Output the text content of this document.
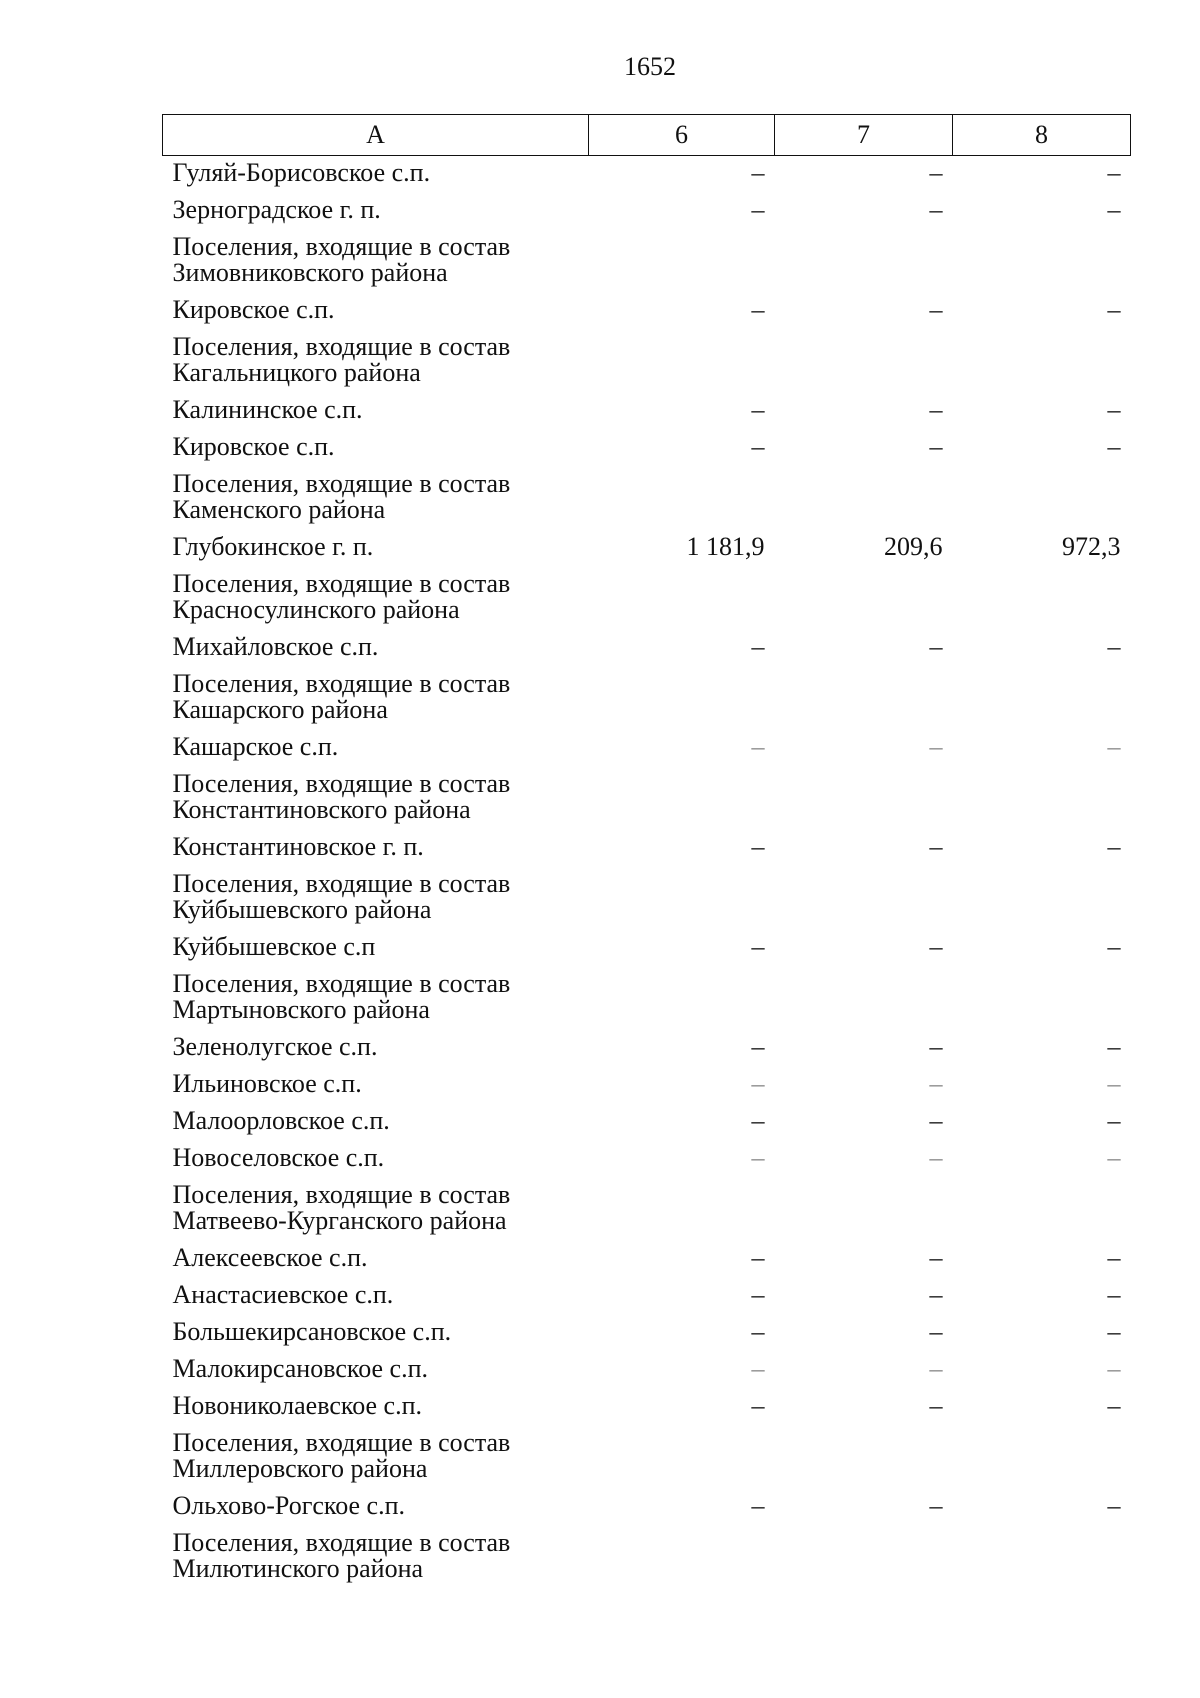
1652
А	6	7	8
Гуляй-Борисовское с.п.	–	–	–
Зерноградское г. п.	–	–	–
Поселения, входящие в состав Зимовниковского района			
Кировское с.п.	–	–	–
Поселения, входящие в состав Кагальницкого района			
Калининское с.п.	–	–	–
Кировское с.п.	–	–	–
Поселения, входящие в состав Каменского района			
Глубокинское г. п.	1 181,9	209,6	972,3
Поселения, входящие в состав Красносулинского района			
Михайловское с.п.	–	–	–
Поселения, входящие в состав Кашарского района			
Кашарское с.п.	–	–	–
Поселения, входящие в состав Константиновского района			
Константиновское г. п.	–	–	–
Поселения, входящие в состав Куйбышевского района			
Куйбышевское с.п	–	–	–
Поселения, входящие в состав Мартыновского района			
Зеленолугское с.п.	–	–	–
Ильиновское с.п.	–	–	–
Малоорловское с.п.	–	–	–
Новоселовское с.п.	–	–	–
Поселения, входящие в состав Матвеево-Курганского района			
Алексеевское с.п.	–	–	–
Анастасиевское с.п.	–	–	–
Большекирсановское с.п.	–	–	–
Малокирсановское с.п.	–	–	–
Новониколаевское с.п.	–	–	–
Поселения, входящие в состав Миллеровского района			
Ольхово-Рогское с.п.	–	–	–
Поселения, входящие в состав Милютинского района			
